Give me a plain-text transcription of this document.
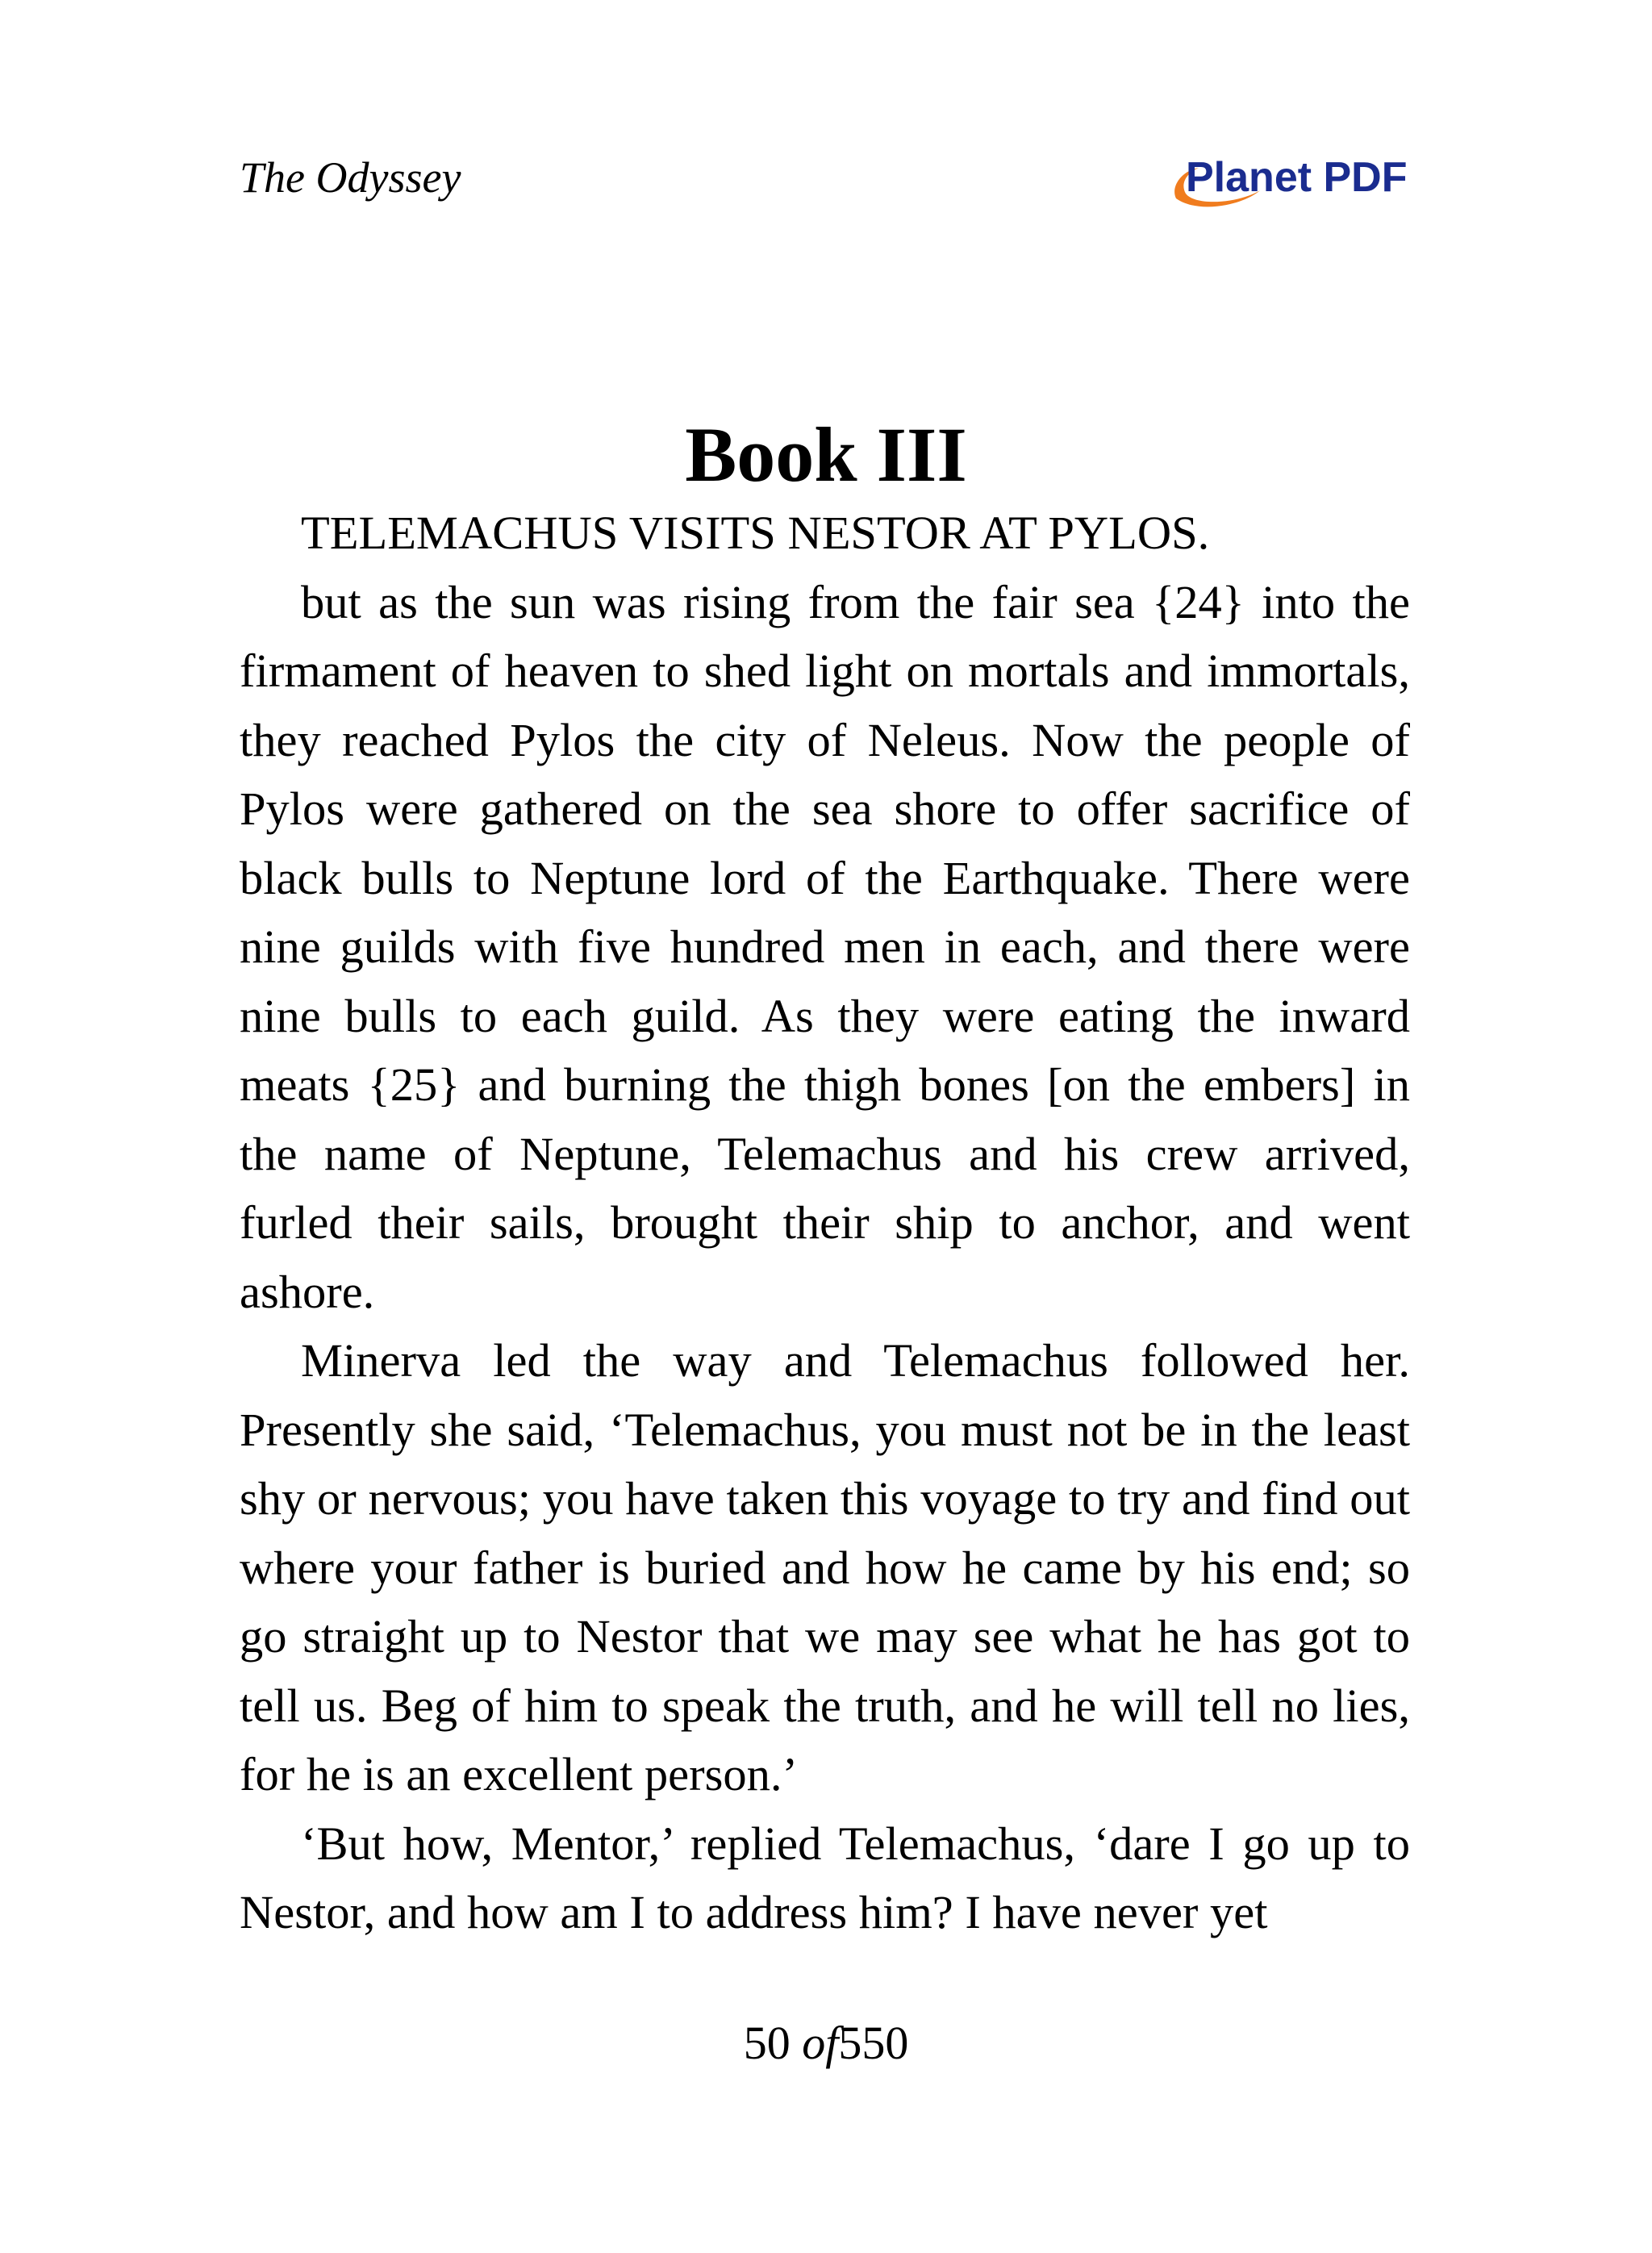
The Odyssey	Planet PDF
Book III

TELEMACHUS VISITS NESTOR AT PYLOS.

but as the sun was rising from the fair sea {24} into the firmament of heaven to shed light on mortals and immortals, they reached Pylos the city of Neleus. Now the people of Pylos were gathered on the sea shore to offer sacrifice of black bulls to Neptune lord of the Earthquake. There were nine guilds with five hundred men in each, and there were nine bulls to each guild. As they were eating the inward meats {25} and burning the thigh bones [on the embers] in the name of Neptune, Telemachus and his crew arrived, furled their sails, brought their ship to anchor, and went ashore.

Minerva led the way and Telemachus followed her. Presently she said, ‘Telemachus, you must not be in the least shy or nervous; you have taken this voyage to try and find out where your father is buried and how he came by his end; so go straight up to Nestor that we may see what he has got to tell us. Beg of him to speak the truth, and he will tell no lies, for he is an excellent person.’

‘But how, Mentor,’ replied Telemachus, ‘dare I go up to Nestor, and how am I to address him? I have never yet

50 of550
